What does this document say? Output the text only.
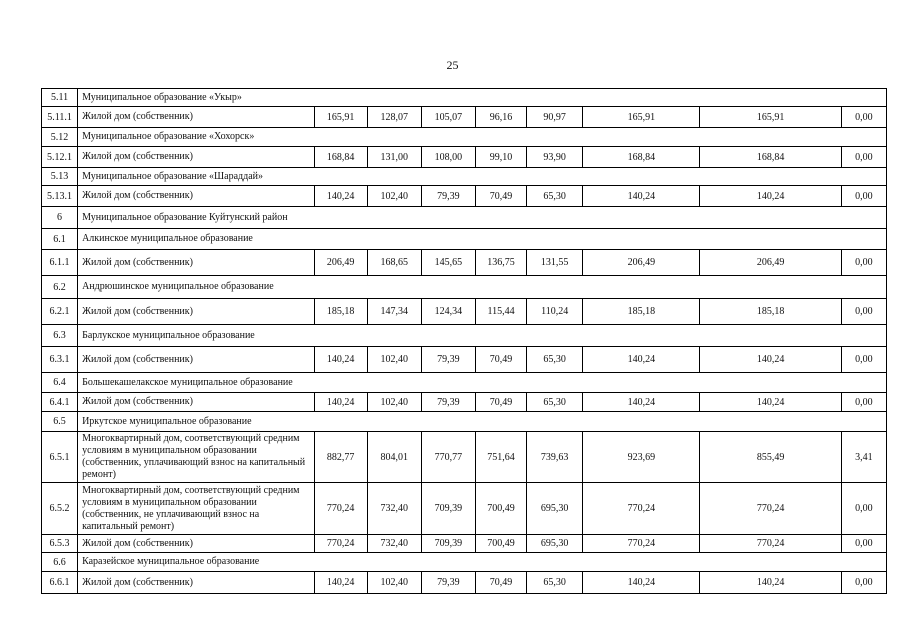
25
5.11	Муниципальное образование «Укыр»								
5.11.1	Жилой дом (собственник)	165,91	128,07	105,07	96,16	90,97	165,91	165,91	0,00
5.12	Муниципальное образование «Хохорск»								
5.12.1	Жилой дом (собственник)	168,84	131,00	108,00	99,10	93,90	168,84	168,84	0,00
5.13	Муниципальное образование «Шараддай»								
5.13.1	Жилой дом (собственник)	140,24	102,40	79,39	70,49	65,30	140,24	140,24	0,00
6	Муниципальное образование Куйтунский район								
6.1	Алкинское муниципальное образование								
6.1.1	Жилой дом (собственник)	206,49	168,65	145,65	136,75	131,55	206,49	206,49	0,00
6.2	Андрюшинское муниципальное образование								
6.2.1	Жилой дом (собственник)	185,18	147,34	124,34	115,44	110,24	185,18	185,18	0,00
6.3	Барлукское муниципальное образование								
6.3.1	Жилой дом (собственник)	140,24	102,40	79,39	70,49	65,30	140,24	140,24	0,00
6.4	Большекашелакское муниципальное образование								
6.4.1	Жилой дом (собственник)	140,24	102,40	79,39	70,49	65,30	140,24	140,24	0,00
6.5	Иркутское муниципальное образование								
6.5.1	Многоквартирный дом, соответствующий средним условиям в муниципальном образовании (собственник, уплачивающий взнос на капитальный ремонт)	882,77	804,01	770,77	751,64	739,63	923,69	855,49	3,41
6.5.2	Многоквартирный дом, соответствующий средним условиям в муниципальном образовании (собственник, не уплачивающий взнос на капитальный ремонт)	770,24	732,40	709,39	700,49	695,30	770,24	770,24	0,00
6.5.3	Жилой дом (собственник)	770,24	732,40	709,39	700,49	695,30	770,24	770,24	0,00
6.6	Каразейское муниципальное образование								
6.6.1	Жилой дом (собственник)	140,24	102,40	79,39	70,49	65,30	140,24	140,24	0,00
